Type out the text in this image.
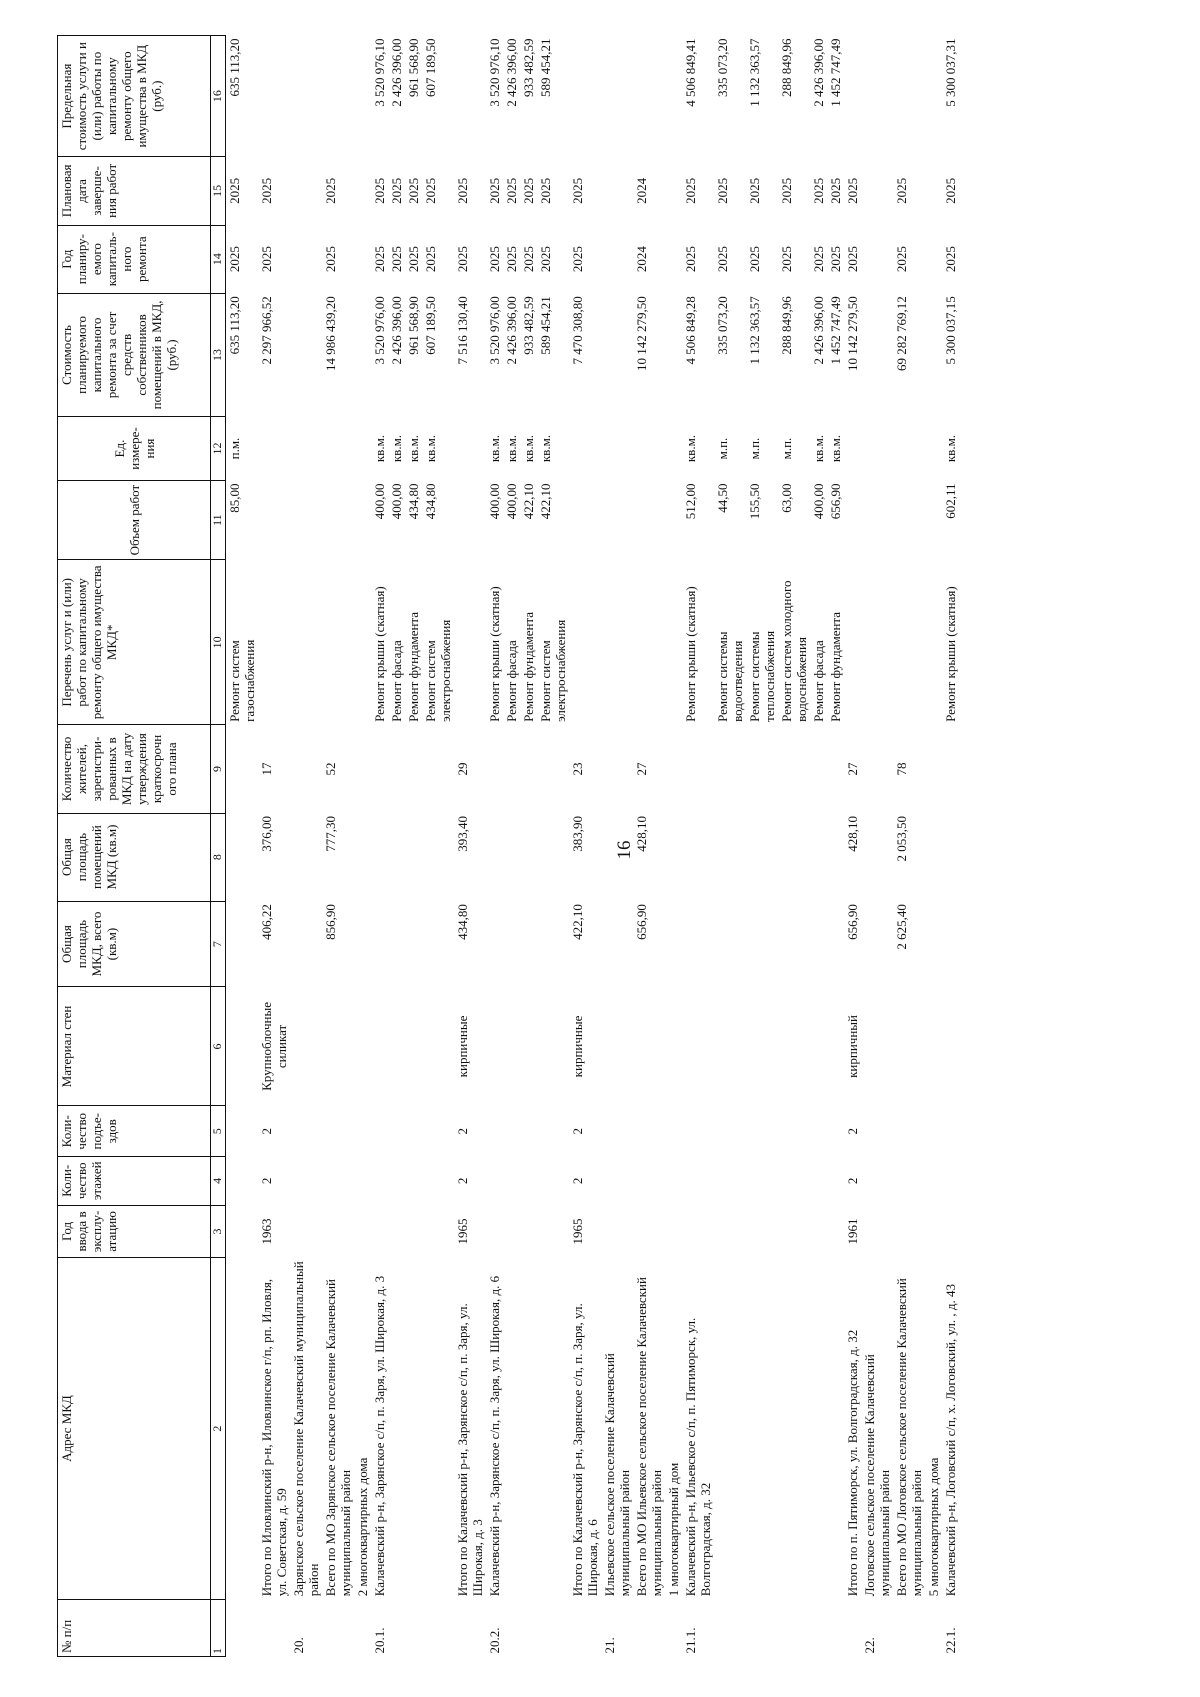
16
№ п/п	Адрес МКД	Год ввода в эксплу-атацию	Коли-чество этажей	Коли-чество подъе-здов	Материал стен	Общая площадь МКД, всего (кв.м)	Общая площадь помещений МКД (кв.м)	Количество жителей, зарегистри-рованных в МКД на дату утверждения краткосрочн ого плана	Перечень услуг и (или) работ по капитальному ремонту общего имущества МКД*	Объем работ	Ед. измере-ния	Стоимость планируемого капитального ремонта за счет средств собственников помещений в МКД, (руб.)	Год планиру-емого капиталь-ного ремонта	Плановая дата заверше-ния работ	Предельная стоимость услуги и (или) работы по капитальному ремонту общего имущества в МКД (руб.)
1	2	3	4	5	6	7	8	9	10	11	12	13	14	15	16
									Ремонт систем газоснабжения	85,00	п.м.	635 113,20	2025	2025	635 113,20
	Итого по Иловлинский р-н, Иловлинское г/п, рп. Иловля, ул. Советская, д. 59	1963	2	2	Крупноблочные силикат	406,22	376,00	17				2 297 966,52	2025	2025	
20.	Зарянское сельское поселение Калачевский муниципальный район														
	Всего по МО Зарянское сельское поселение Калачевский муниципальный район					856,90	777,30	52				14 986 439,20	2025	2025	
	2 многоквартирных дома														
20.1.	Калачевский р-н, Зарянское с/п, п. Заря, ул. Широкая, д. 3								Ремонт крыши (скатная)	400,00	кв.м.	3 520 976,00	2025	2025	3 520 976,10
									Ремонт фасада	400,00	кв.м.	2 426 396,00	2025	2025	2 426 396,00
									Ремонт фундамента	434,80	кв.м.	961 568,90	2025	2025	961 568,90
									Ремонт систем электроснабжения	434,80	кв.м.	607 189,50	2025	2025	607 189,50
	Итого по Калачевский р-н, Зарянское с/п, п. Заря, ул. Широкая, д. 3	1965	2	2	кирпичные	434,80	393,40	29				7 516 130,40	2025	2025	
20.2.	Калачевский р-н, Зарянское с/п, п. Заря, ул. Широкая, д. 6								Ремонт крыши (скатная)	400,00	кв.м.	3 520 976,00	2025	2025	3 520 976,10
									Ремонт фасада	400,00	кв.м.	2 426 396,00	2025	2025	2 426 396,00
									Ремонт фундамента	422,10	кв.м.	933 482,59	2025	2025	933 482,59
									Ремонт систем электроснабжения	422,10	кв.м.	589 454,21	2025	2025	589 454,21
	Итого по Калачевский р-н, Зарянское с/п, п. Заря, ул. Широкая, д. 6	1965	2	2	кирпичные	422,10	383,90	23				7 470 308,80	2025	2025	
21.	Ильевское сельское поселение Калачевский муниципальный район														
	Всего по МО Ильевское сельское поселение Калачевский муниципальный район					656,90	428,10	27				10 142 279,50	2024	2024	
	1 многоквартирный дом														
21.1.	Калачевский р-н, Ильевское с/п, п. Пятиморск, ул. Волгоградская, д. 32								Ремонт крыши (скатная)	512,00	кв.м.	4 506 849,28	2025	2025	4 506 849,41
									Ремонт системы водоотведения	44,50	м.п.	335 073,20	2025	2025	335 073,20
									Ремонт системы теплоснабжения	155,50	м.п.	1 132 363,57	2025	2025	1 132 363,57
									Ремонт систем холодного водоснабжения	63,00	м.п.	288 849,96	2025	2025	288 849,96
									Ремонт фасада	400,00	кв.м.	2 426 396,00	2025	2025	2 426 396,00
									Ремонт фундамента	656,90	кв.м.	1 452 747,49	2025	2025	1 452 747,49
	Итого по п. Пятиморск, ул. Волгоградская, д. 32	1961	2	2	кирпичный	656,90	428,10	27				10 142 279,50	2025	2025	
22.	Логовское сельское поселение Калачевский муниципальный район														
	Всего по МО Логовское сельское поселение Калачевский муниципальный район					2 625,40	2 053,50	78				69 282 769,12	2025	2025	
	5 многоквартирных дома														
22.1.	Калачевский р-н, Логовский с/п, х. Логовский, ул. , д. 43								Ремонт крыши (скатная)	602,11	кв.м.	5 300 037,15	2025	2025	5 300 037,31
